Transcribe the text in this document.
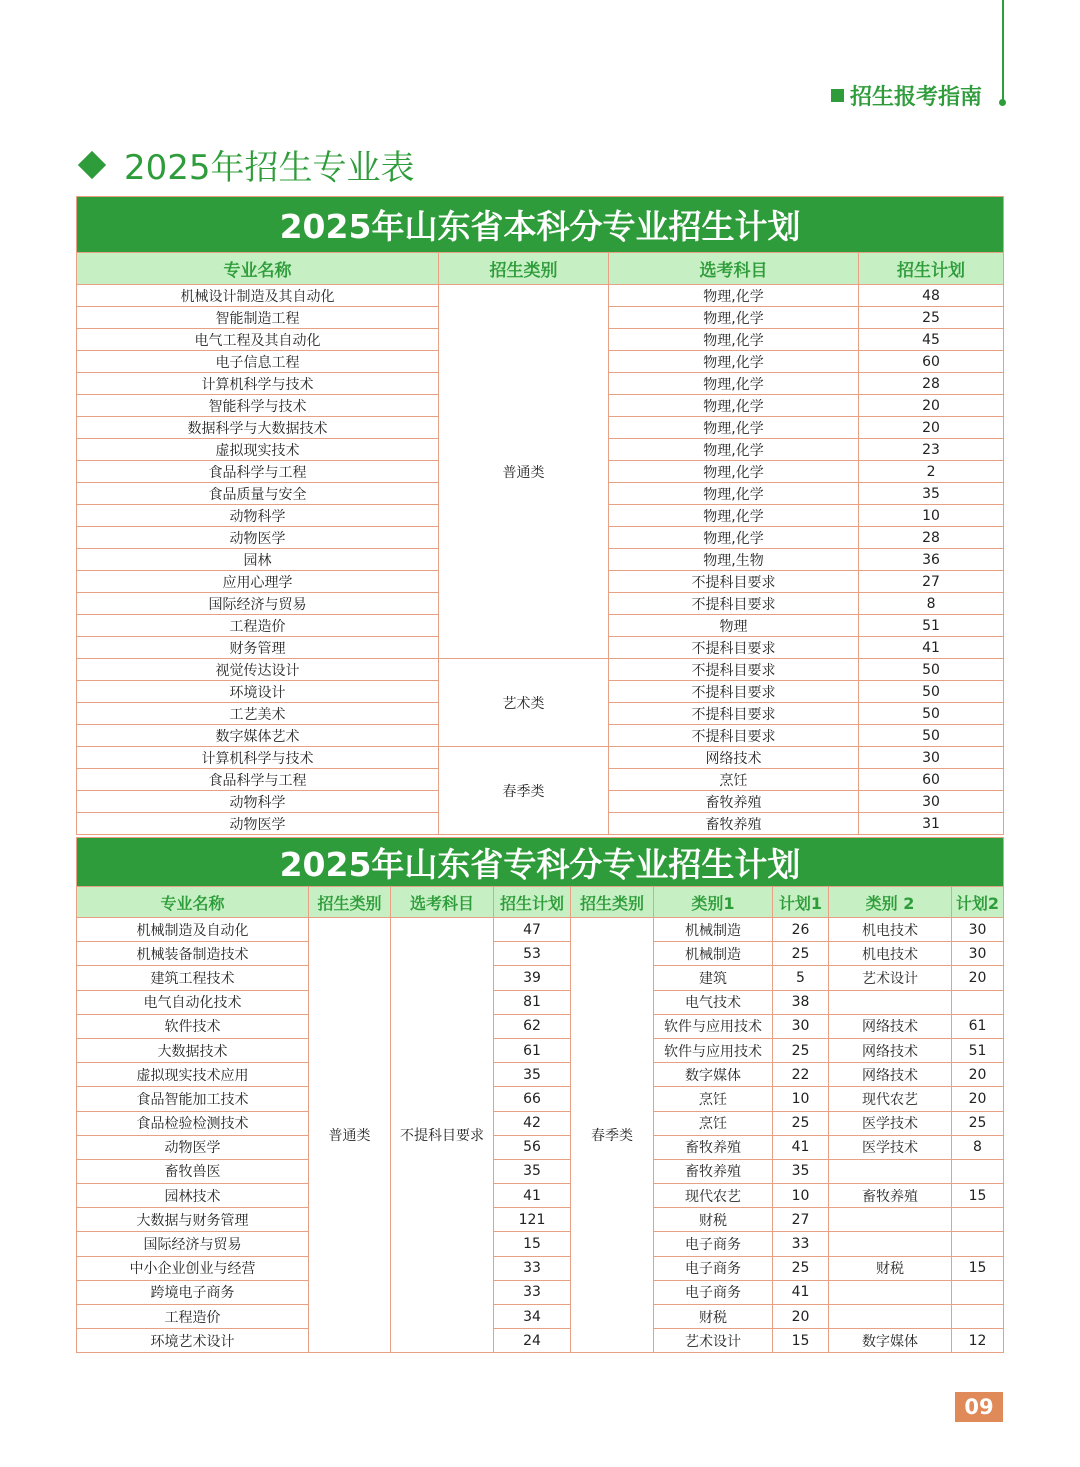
招生报考指南
2025年招生专业表
2025年山东省本科分专业招生计划			
专业名称	招生类别	选考科目	招生计划
机械设计制造及其自动化	普通类	物理,化学	48
智能制造工程		物理,化学	25
电气工程及其自动化		物理,化学	45
电子信息工程		物理,化学	60
计算机科学与技术		物理,化学	28
智能科学与技术		物理,化学	20
数据科学与大数据技术		物理,化学	20
虚拟现实技术		物理,化学	23
食品科学与工程		物理,化学	2
食品质量与安全		物理,化学	35
动物科学		物理,化学	10
动物医学		物理,化学	28
园林		物理,生物	36
应用心理学		不提科目要求	27
国际经济与贸易		不提科目要求	8
工程造价		物理	51
财务管理		不提科目要求	41
视觉传达设计	艺术类	不提科目要求	50
环境设计		不提科目要求	50
工艺美术		不提科目要求	50
数字媒体艺术		不提科目要求	50
计算机科学与技术	春季类	网络技术	30
食品科学与工程		烹饪	60
动物科学		畜牧养殖	30
动物医学		畜牧养殖	31
2025年山东省专科分专业招生计划								
专业名称	招生类别	选考科目	招生计划	招生类别	类别1	计划1	类别 2	计划2
机械制造及自动化	普通类	不提科目要求	47	春季类	机械制造	26	机电技术	30
机械装备制造技术			53		机械制造	25	机电技术	30
建筑工程技术			39		建筑	5	艺术设计	20
电气自动化技术			81		电气技术	38		
软件技术			62		软件与应用技术	30	网络技术	61
大数据技术			61		软件与应用技术	25	网络技术	51
虚拟现实技术应用			35		数字媒体	22	网络技术	20
食品智能加工技术			66		烹饪	10	现代农艺	20
食品检验检测技术			42		烹饪	25	医学技术	25
动物医学			56		畜牧养殖	41	医学技术	8
畜牧兽医			35		畜牧养殖	35		
园林技术			41		现代农艺	10	畜牧养殖	15
大数据与财务管理			121		财税	27		
国际经济与贸易			15		电子商务	33		
中小企业创业与经营			33		电子商务	25	财税	15
跨境电子商务			33		电子商务	41		
工程造价			34		财税	20		
环境艺术设计			24		艺术设计	15	数字媒体	12
09
